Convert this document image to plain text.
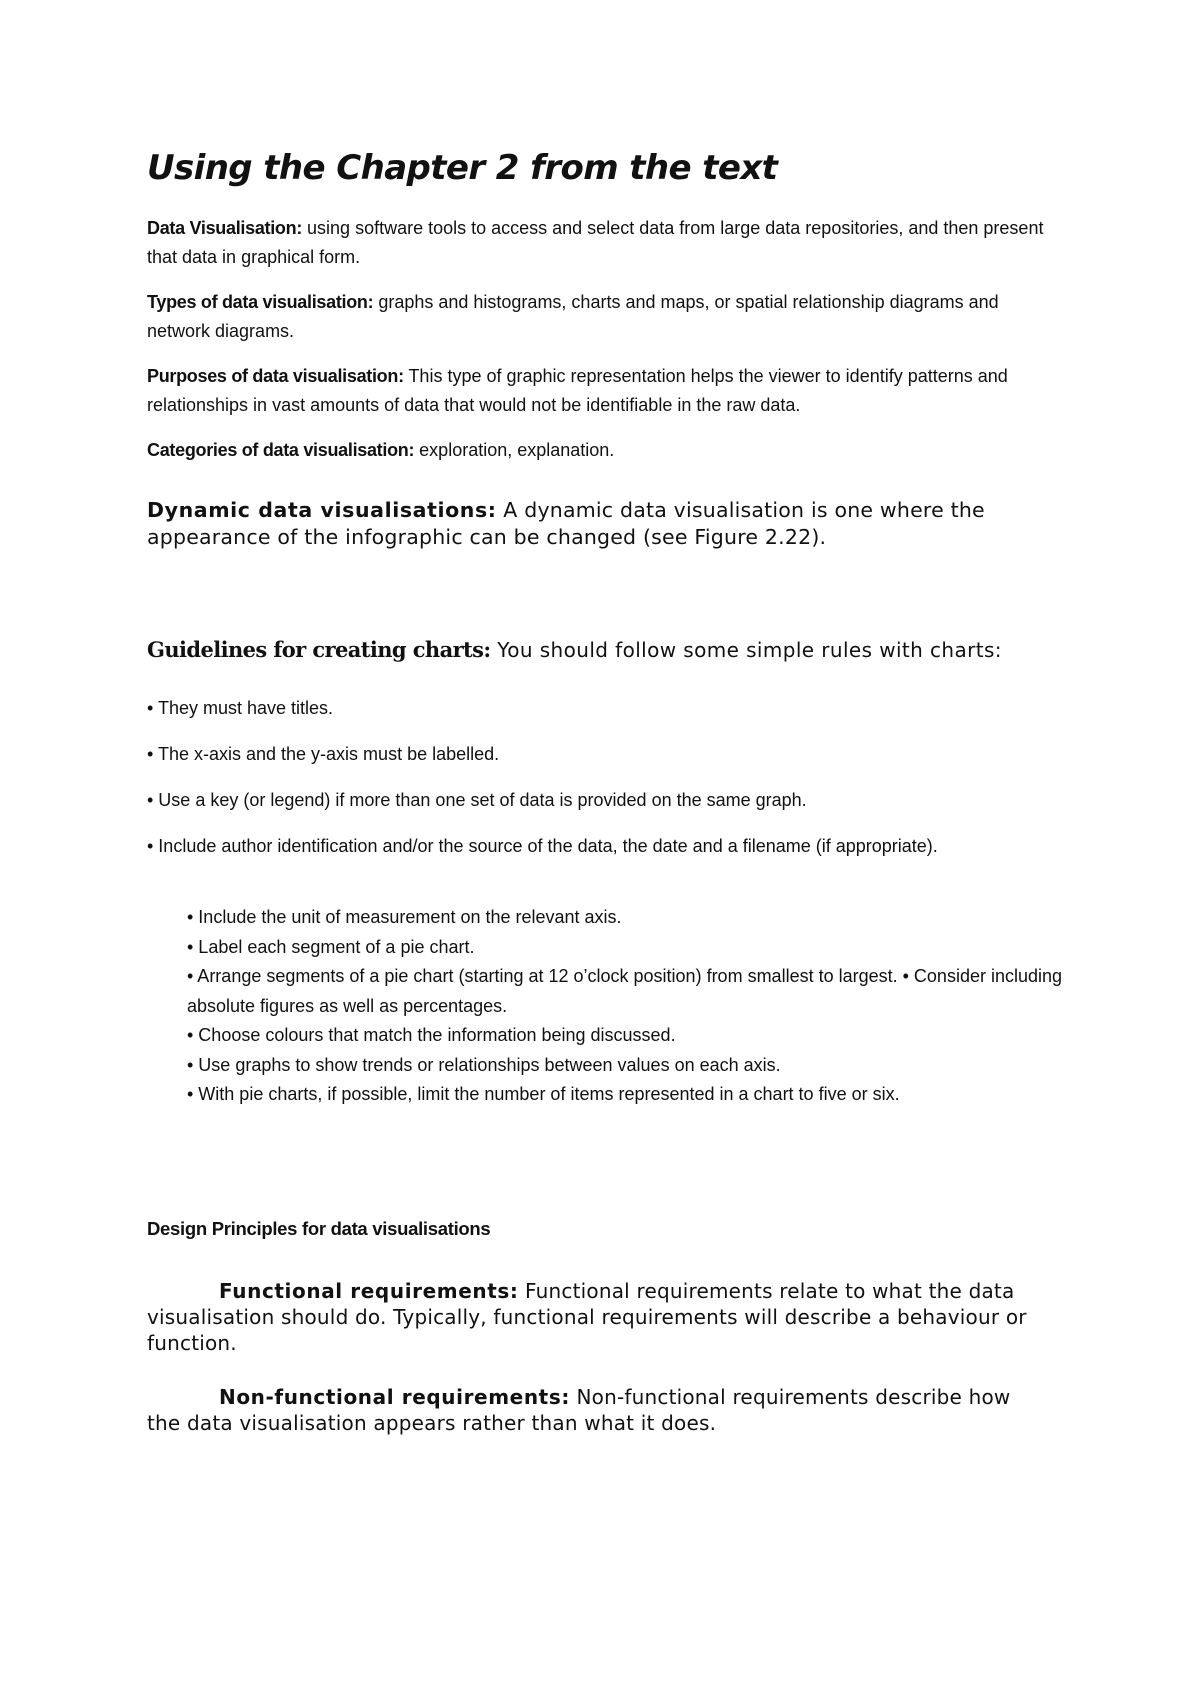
Using the Chapter 2 from the text

Data Visualisation: using software tools to access and select data from large data repositories, and then present that data in graphical form.

Types of data visualisation: graphs and histograms, charts and maps, or spatial relationship diagrams and network diagrams.

Purposes of data visualisation: This type of graphic representation helps the viewer to identify patterns and relationships in vast amounts of data that would not be identifiable in the raw data.

Categories of data visualisation: exploration, explanation.

Dynamic data visualisations: A dynamic data visualisation is one where the appearance of the infographic can be changed (see Figure 2.22).

Guidelines for creating charts: You should follow some simple rules with charts:

• They must have titles.

• The x-axis and the y-axis must be labelled.

• Use a key (or legend) if more than one set of data is provided on the same graph.

• Include author identification and/or the source of the data, the date and a filename (if appropriate).

• Include the unit of measurement on the relevant axis.
• Label each segment of a pie chart.
• Arrange segments of a pie chart (starting at 12 o’clock position) from smallest to largest. • Consider including absolute figures as well as percentages.
• Choose colours that match the information being discussed.
• Use graphs to show trends or relationships between values on each axis.
• With pie charts, if possible, limit the number of items represented in a chart to five or six.
Design Principles for data visualisations

Functional requirements: Functional requirements relate to what the data visualisation should do. Typically, functional requirements will describe a behaviour or function.

Non-functional requirements: Non-functional requirements describe how the data visualisation appears rather than what it does.
